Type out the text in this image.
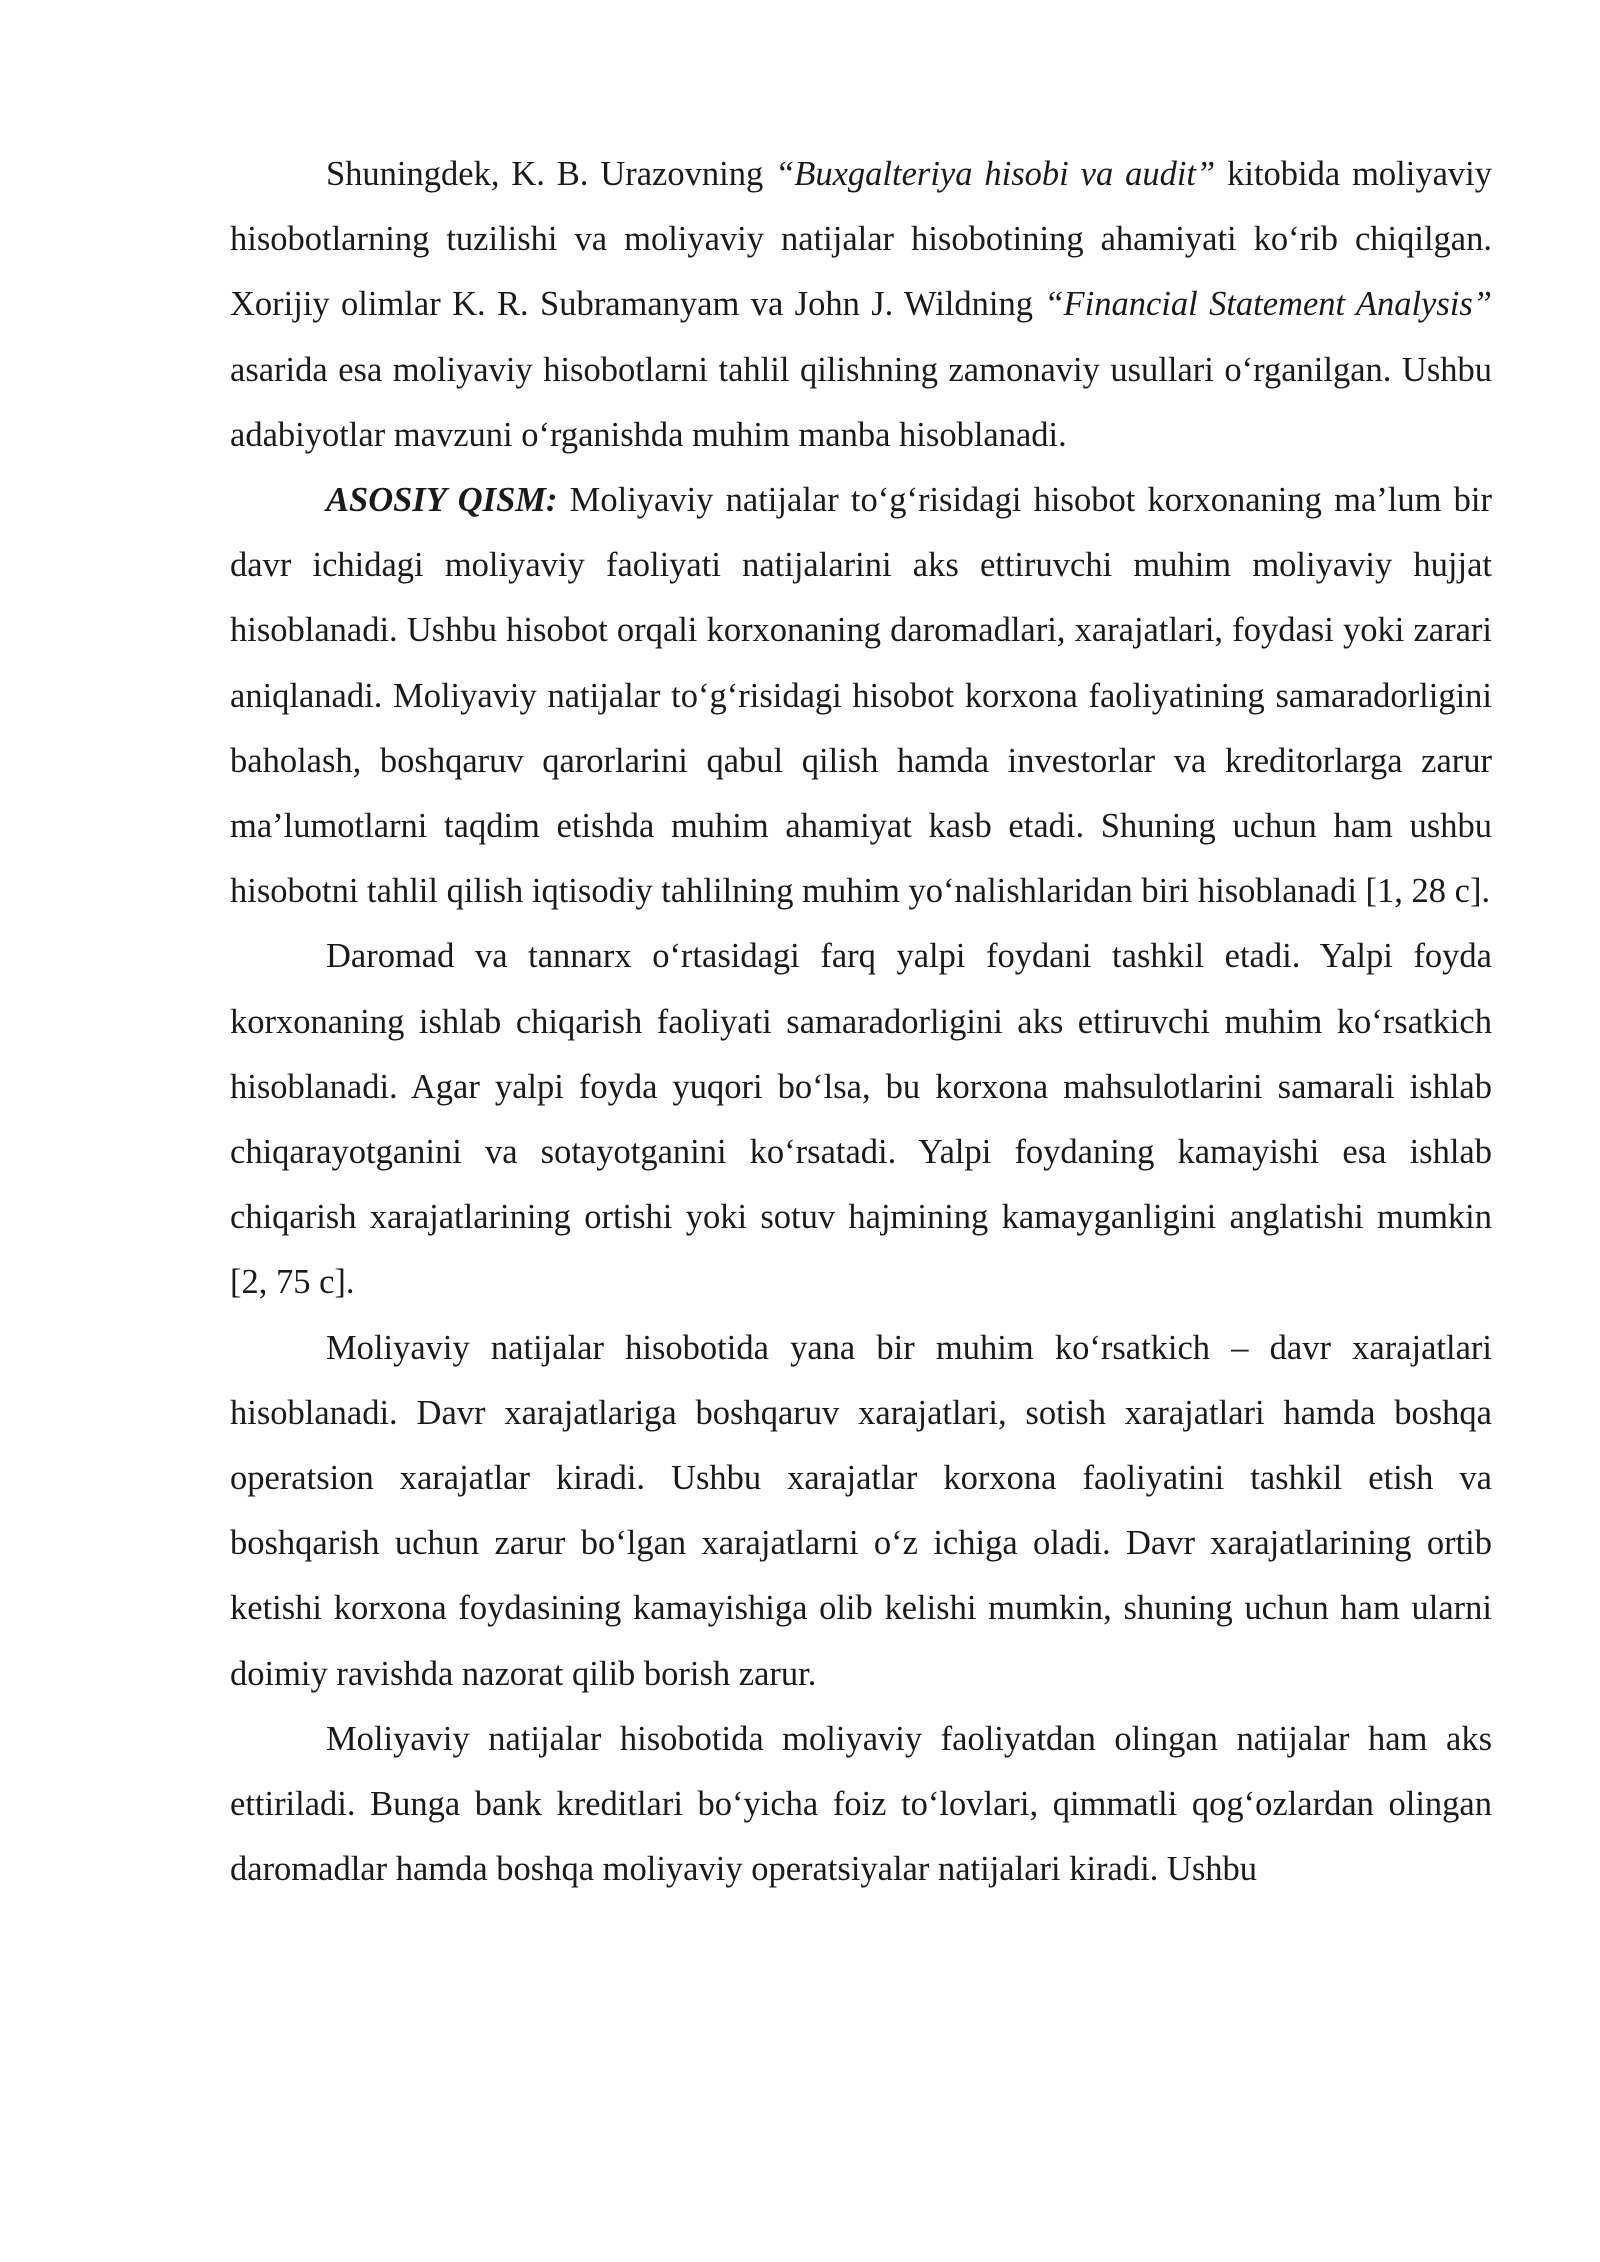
Shuningdek, K. B. Urazovning “Buxgalteriya hisobi va audit” kitobida moliyaviy hisobotlarning tuzilishi va moliyaviy natijalar hisobotining ahamiyati ko‘rib chiqilgan. Xorijiy olimlar K. R. Subramanyam va John J. Wildning “Financial Statement Analysis” asarida esa moliyaviy hisobotlarni tahlil qilishning zamonaviy usullari o‘rganilgan. Ushbu adabiyotlar mavzuni o‘rganishda muhim manba hisoblanadi.

ASOSIY QISM: Moliyaviy natijalar to‘g‘risidagi hisobot korxonaning ma’lum bir davr ichidagi moliyaviy faoliyati natijalarini aks ettiruvchi muhim moliyaviy hujjat hisoblanadi. Ushbu hisobot orqali korxonaning daromadlari, xarajatlari, foydasi yoki zarari aniqlanadi. Moliyaviy natijalar to‘g‘risidagi hisobot korxona faoliyatining samaradorligini baholash, boshqaruv qarorlarini qabul qilish hamda investorlar va kreditorlarga zarur ma’lumotlarni taqdim etishda muhim ahamiyat kasb etadi. Shuning uchun ham ushbu hisobotni tahlil qilish iqtisodiy tahlilning muhim yo‘nalishlaridan biri hisoblanadi [1, 28 c].

Daromad va tannarx o‘rtasidagi farq yalpi foydani tashkil etadi. Yalpi foyda korxonaning ishlab chiqarish faoliyati samaradorligini aks ettiruvchi muhim ko‘rsatkich hisoblanadi. Agar yalpi foyda yuqori bo‘lsa, bu korxona mahsulotlarini samarali ishlab chiqarayotganini va sotayotganini ko‘rsatadi. Yalpi foydaning kamayishi esa ishlab chiqarish xarajatlarining ortishi yoki sotuv hajmining kamayganligini anglatishi mumkin [2, 75 c].

Moliyaviy natijalar hisobotida yana bir muhim ko‘rsatkich – davr xarajatlari hisoblanadi. Davr xarajatlariga boshqaruv xarajatlari, sotish xarajatlari hamda boshqa operatsion xarajatlar kiradi. Ushbu xarajatlar korxona faoliyatini tashkil etish va boshqarish uchun zarur bo‘lgan xarajatlarni o‘z ichiga oladi. Davr xarajatlarining ortib ketishi korxona foydasining kamayishiga olib kelishi mumkin, shuning uchun ham ularni doimiy ravishda nazorat qilib borish zarur.

Moliyaviy natijalar hisobotida moliyaviy faoliyatdan olingan natijalar ham aks ettiriladi. Bunga bank kreditlari bo‘yicha foiz to‘lovlari, qimmatli qog‘ozlardan olingan daromadlar hamda boshqa moliyaviy operatsiyalar natijalari kiradi. Ushbu
